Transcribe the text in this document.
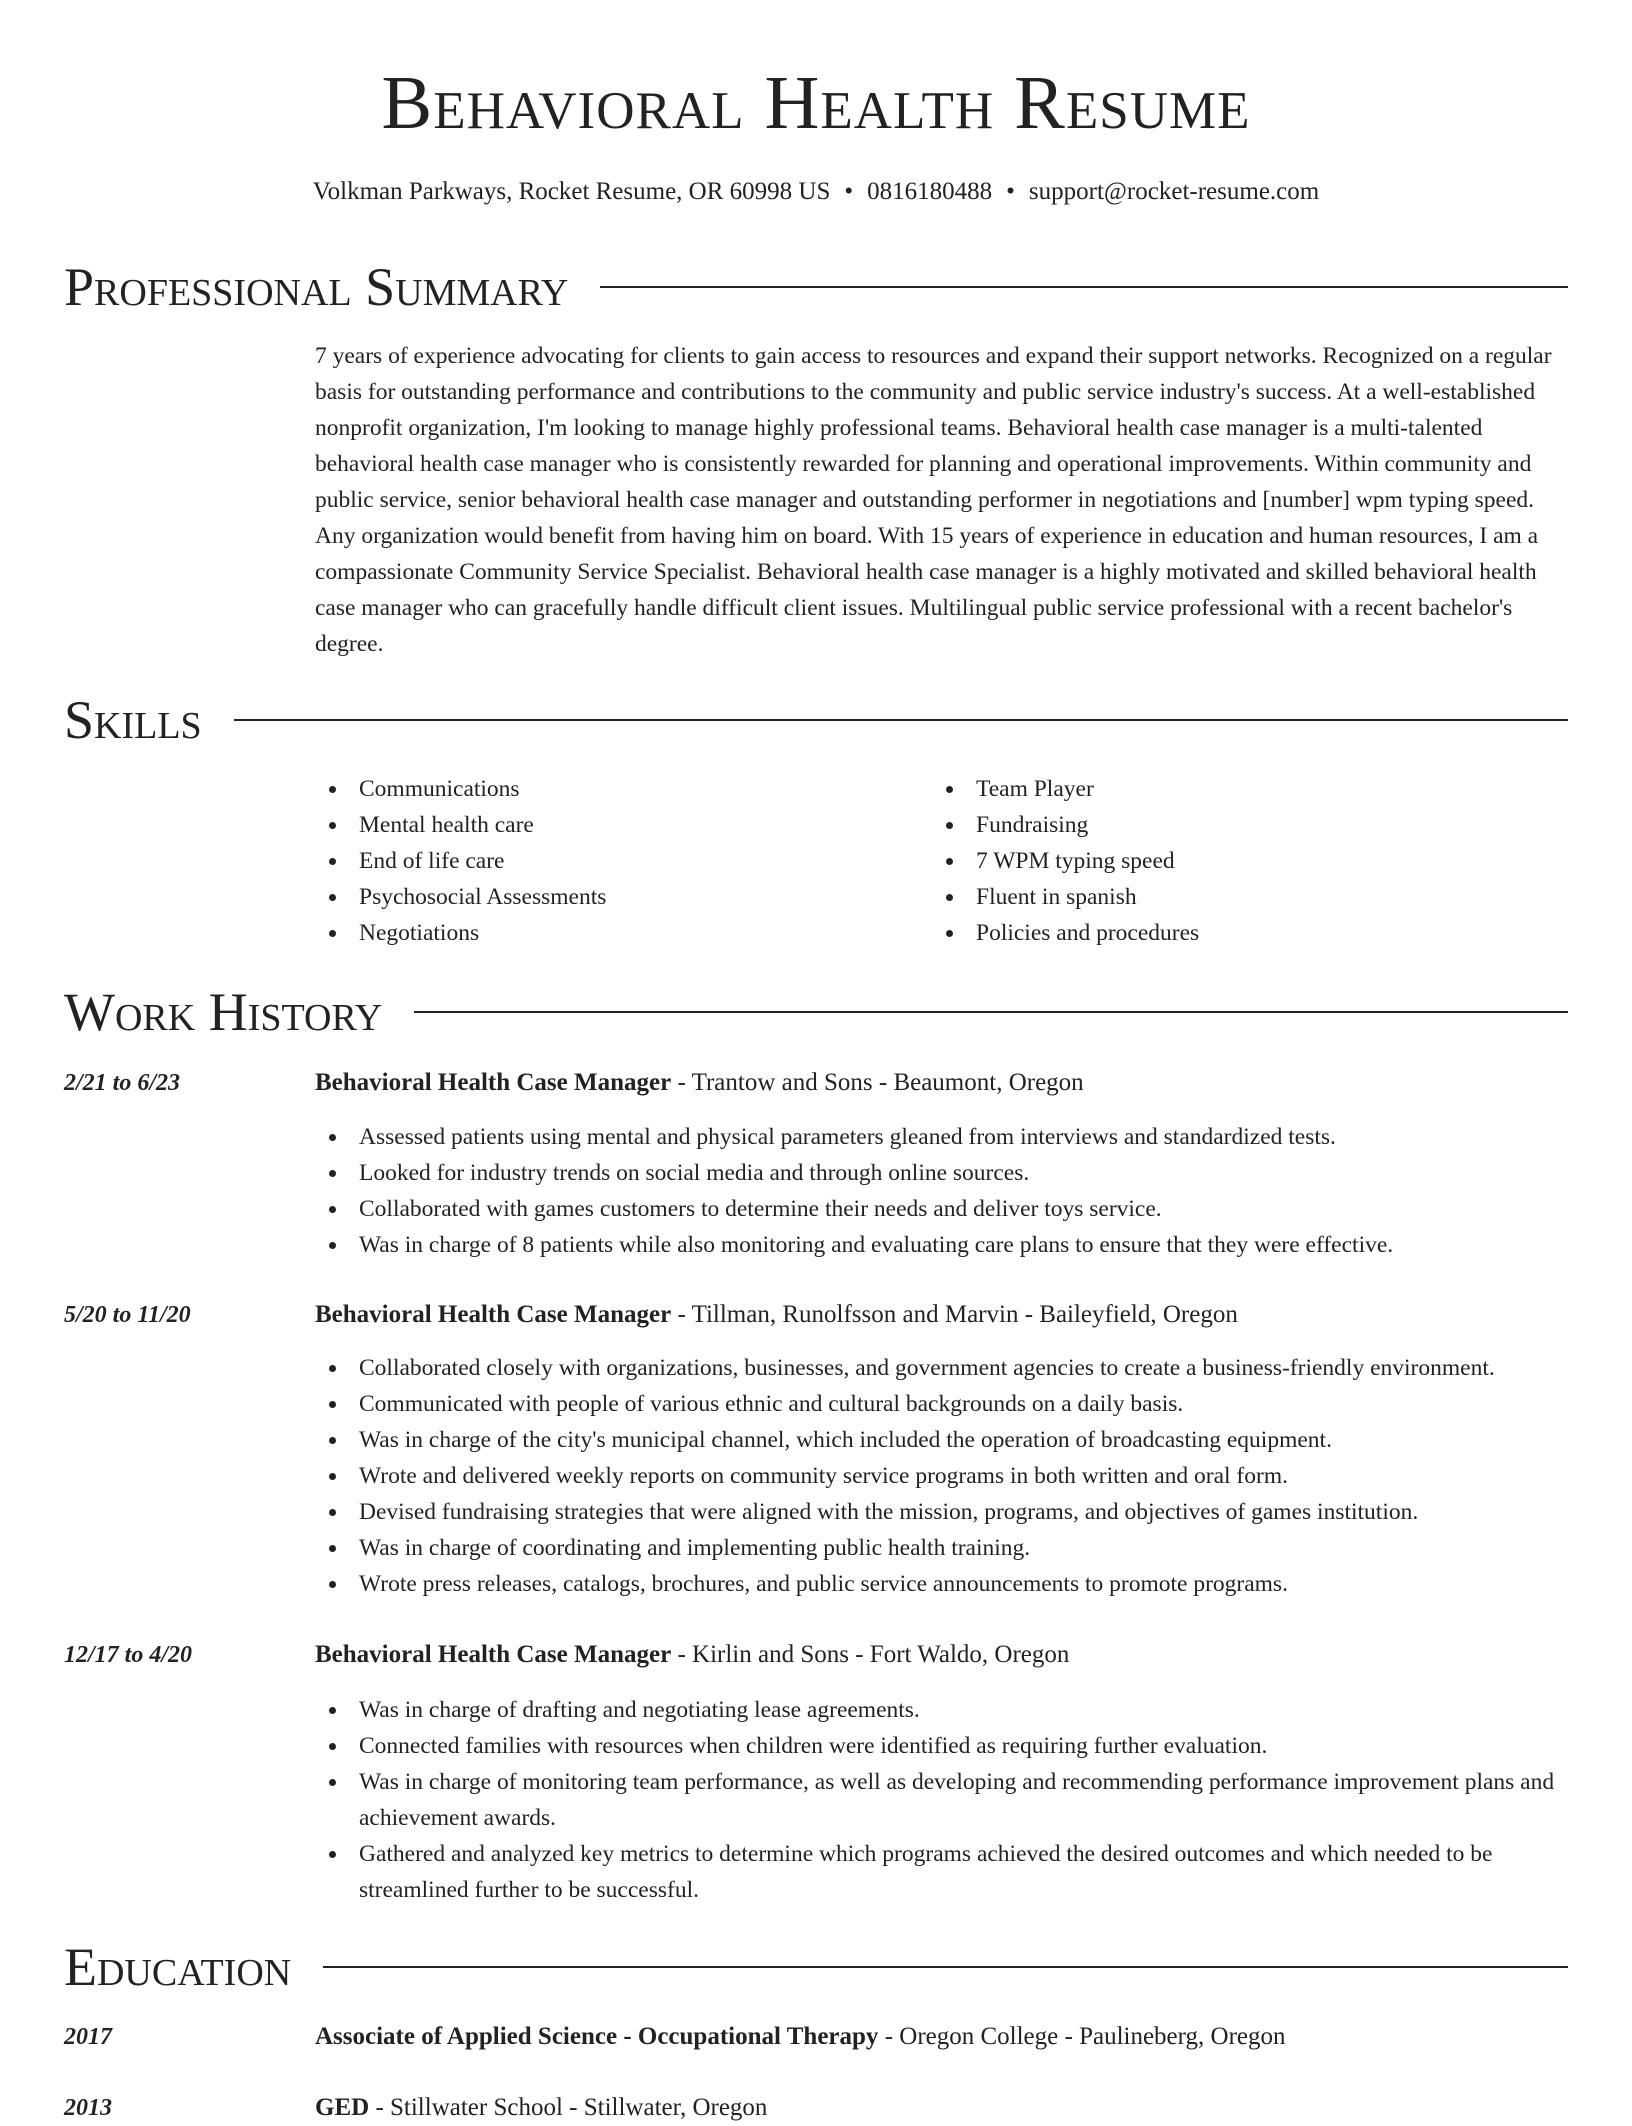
Behavioral Health Resume
Volkman Parkways, Rocket Resume, OR 60998 US • 0816180488 • support@rocket-resume.com
Professional Summary

7 years of experience advocating for clients to gain access to resources and expand their support networks. Recognized on a regular basis for outstanding performance and contributions to the community and public service industry's success. At a well-established nonprofit organization, I'm looking to manage highly professional teams. Behavioral health case manager is a multi-talented behavioral health case manager who is consistently rewarded for planning and operational improvements. Within community and public service, senior behavioral health case manager and outstanding performer in negotiations and [number] wpm typing speed. Any organization would benefit from having him on board. With 15 years of experience in education and human resources, I am a compassionate Community Service Specialist. Behavioral health case manager is a highly motivated and skilled behavioral health case manager who can gracefully handle difficult client issues. Multilingual public service professional with a recent bachelor's degree.

Skills
Communications
Mental health care
End of life care
Psychosocial Assessments
Negotiations
Team Player
Fundraising
7 WPM typing speed
Fluent in spanish
Policies and procedures
Work History
2/21 to 6/23	Behavioral Health Case Manager - Trantow and Sons - Beaumont, Oregon
Assessed patients using mental and physical parameters gleaned from interviews and standardized tests.
Looked for industry trends on social media and through online sources.
Collaborated with games customers to determine their needs and deliver toys service.
Was in charge of 8 patients while also monitoring and evaluating care plans to ensure that they were effective.
5/20 to 11/20	Behavioral Health Case Manager - Tillman, Runolfsson and Marvin - Baileyfield, Oregon
Collaborated closely with organizations, businesses, and government agencies to create a business-friendly environment.
Communicated with people of various ethnic and cultural backgrounds on a daily basis.
Was in charge of the city's municipal channel, which included the operation of broadcasting equipment.
Wrote and delivered weekly reports on community service programs in both written and oral form.
Devised fundraising strategies that were aligned with the mission, programs, and objectives of games institution.
Was in charge of coordinating and implementing public health training.
Wrote press releases, catalogs, brochures, and public service announcements to promote programs.
12/17 to 4/20	Behavioral Health Case Manager - Kirlin and Sons - Fort Waldo, Oregon
Was in charge of drafting and negotiating lease agreements.
Connected families with resources when children were identified as requiring further evaluation.
Was in charge of monitoring team performance, as well as developing and recommending performance improvement plans and achievement awards.
Gathered and analyzed key metrics to determine which programs achieved the desired outcomes and which needed to be streamlined further to be successful.
Education
2017	Associate of Applied Science - Occupational Therapy - Oregon College - Paulineberg, Oregon
2013	GED - Stillwater School - Stillwater, Oregon
